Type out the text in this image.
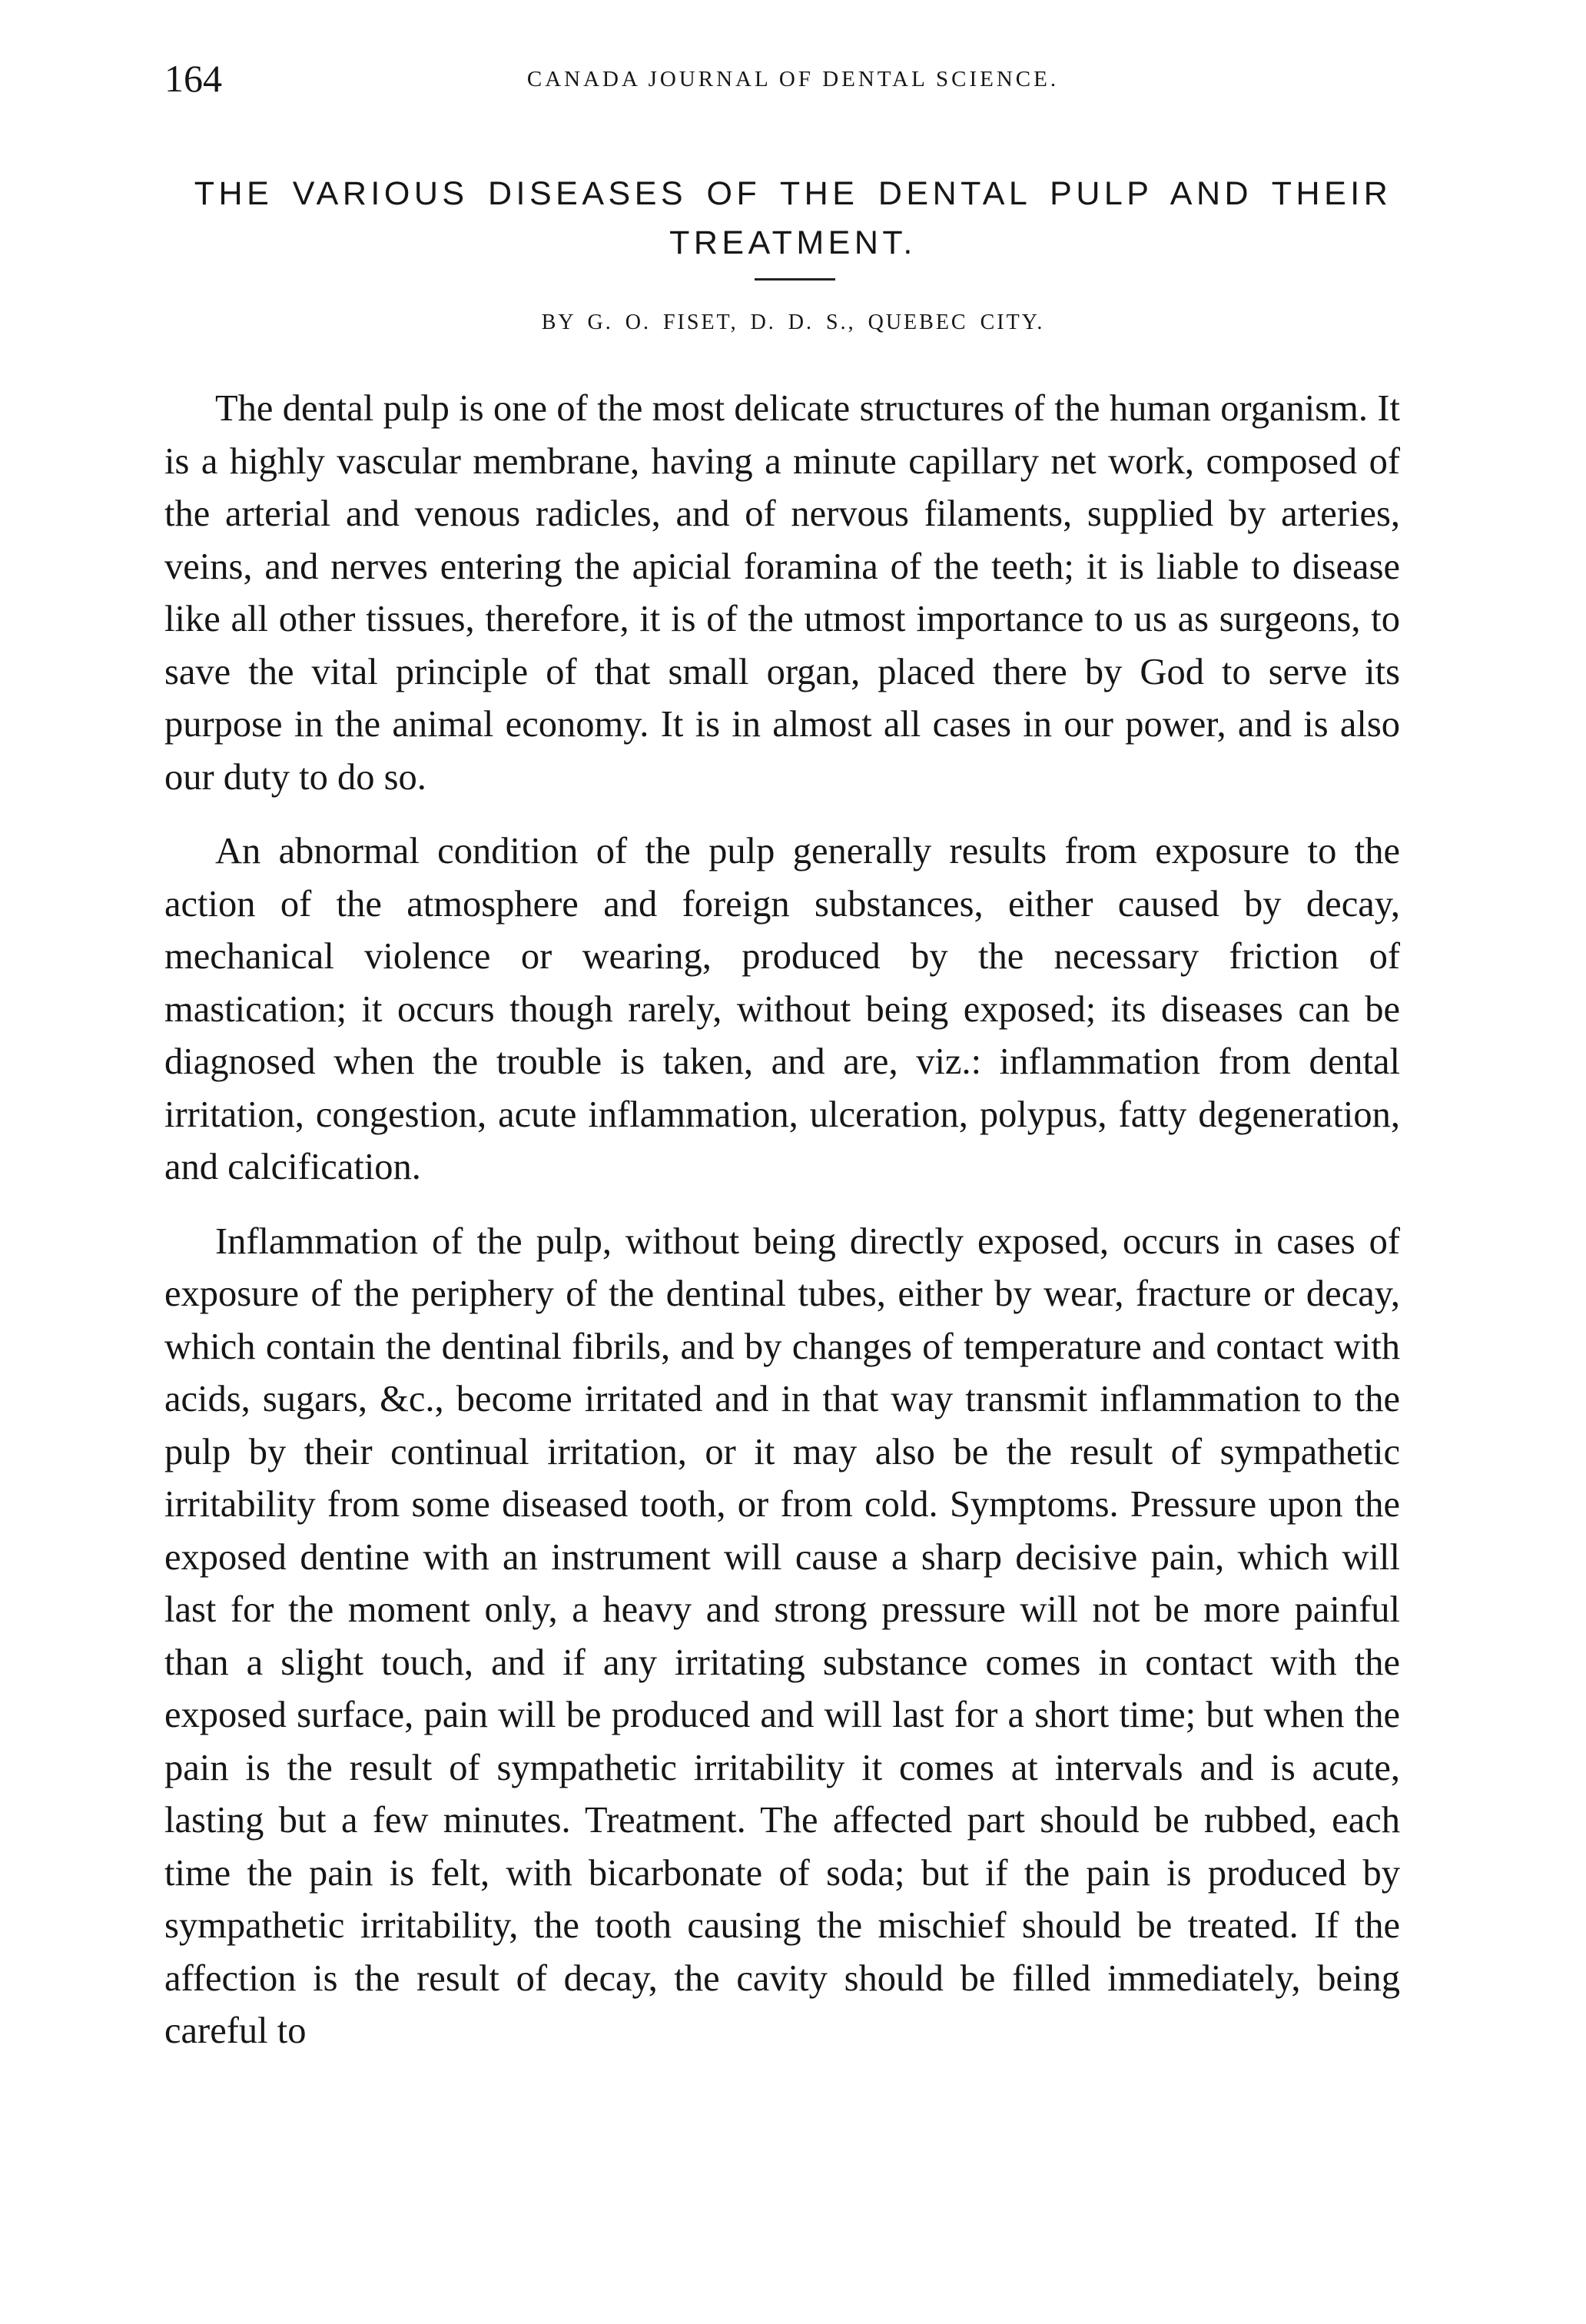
164	CANADA JOURNAL OF DENTAL SCIENCE.
THE VARIOUS DISEASES OF THE DENTAL PULP AND THEIR TREATMENT.
BY G. O. FISET, D. D. S., QUEBEC CITY.

The dental pulp is one of the most delicate structures of the human organism. It is a highly vascular membrane, having a minute capillary net work, composed of the arterial and venous radicles, and of nervous filaments, supplied by arteries, veins, and nerves entering the apicial foramina of the teeth; it is liable to disease like all other tissues, therefore, it is of the utmost importance to us as surgeons, to save the vital principle of that small organ, placed there by God to serve its purpose in the animal economy. It is in almost all cases in our power, and is also our duty to do so.

An abnormal condition of the pulp generally results from exposure to the action of the atmosphere and foreign substances, either caused by decay, mechanical violence or wearing, produced by the necessary friction of mastication; it occurs though rarely, without being exposed; its diseases can be diagnosed when the trouble is taken, and are, viz.: inflammation from dental irritation, congestion, acute inflammation, ulceration, polypus, fatty degeneration, and calcification.

Inflammation of the pulp, without being directly exposed, occurs in cases of exposure of the periphery of the dentinal tubes, either by wear, fracture or decay, which contain the dentinal fibrils, and by changes of temperature and contact with acids, sugars, &c., become irritated and in that way transmit inflammation to the pulp by their continual irritation, or it may also be the result of sympathetic irritability from some diseased tooth, or from cold. Symptoms. Pressure upon the exposed dentine with an instrument will cause a sharp decisive pain, which will last for the moment only, a heavy and strong pressure will not be more painful than a slight touch, and if any irritating substance comes in contact with the exposed surface, pain will be produced and will last for a short time; but when the pain is the result of sympathetic irritability it comes at intervals and is acute, lasting but a few minutes. Treatment. The affected part should be rubbed, each time the pain is felt, with bicarbonate of soda; but if the pain is produced by sympathetic irritability, the tooth causing the mischief should be treated. If the affection is the result of decay, the cavity should be filled immediately, being careful to
